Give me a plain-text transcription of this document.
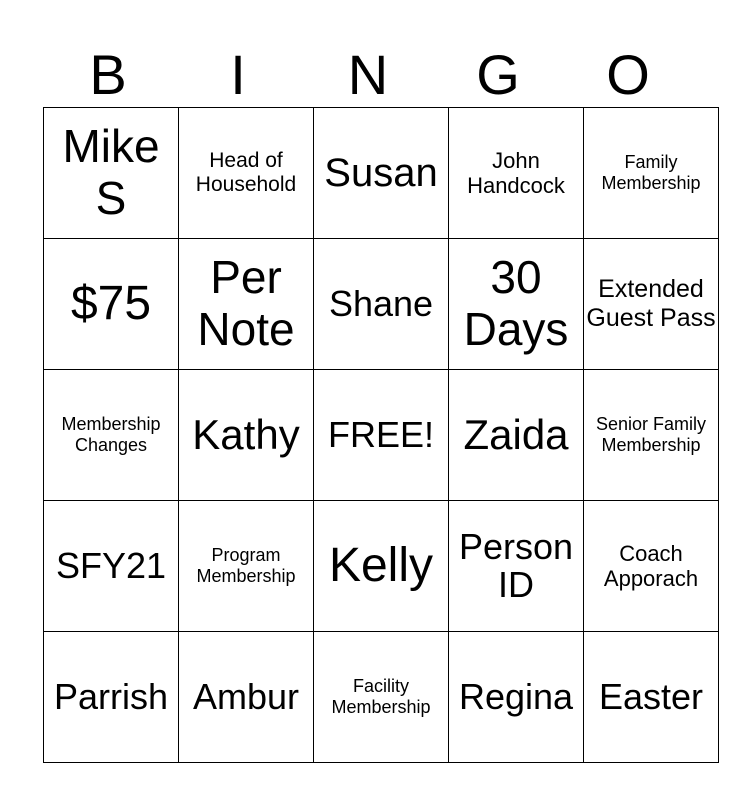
B	I	N	G	O
Mike S	Head of Household	Susan	John Handcock	Family Membership
$75	Per Note	Shane	30 Days	Extended Guest Pass
Membership Changes	Kathy	FREE!	Zaida	Senior Family Membership
SFY21	Program Membership	Kelly	Person ID	Coach Apporach
Parrish	Ambur	Facility Membership	Regina	Easter
